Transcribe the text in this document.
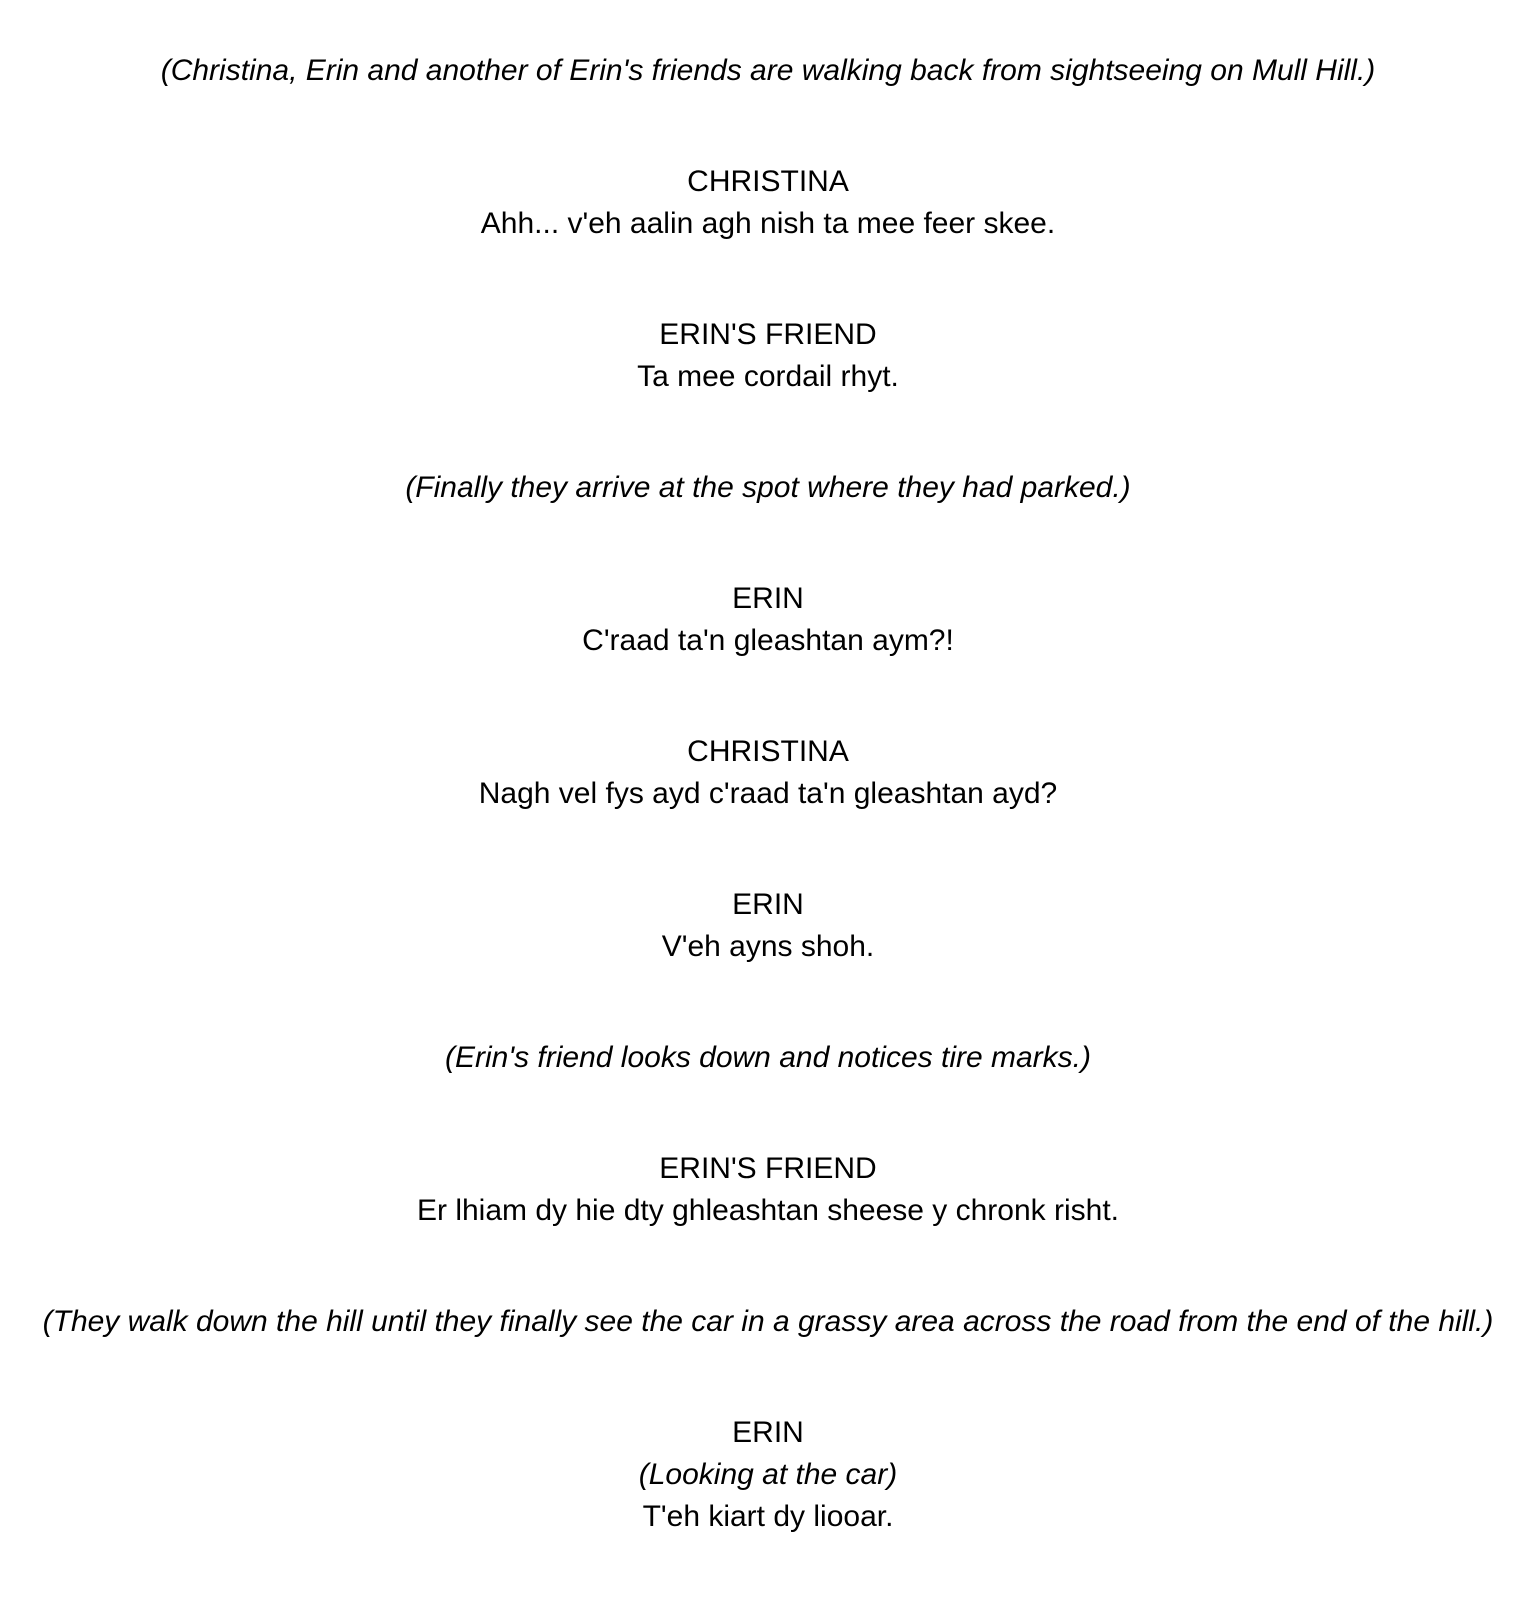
(Christina, Erin and another of Erin's friends are walking back from sightseeing on Mull Hill.)
CHRISTINA
Ahh... v'eh aalin agh nish ta mee feer skee.
ERIN'S FRIEND
Ta mee cordail rhyt.
(Finally they arrive at the spot where they had parked.)
ERIN
C'raad ta'n gleashtan aym?!
CHRISTINA
Nagh vel fys ayd c'raad ta'n gleashtan ayd?
ERIN
V'eh ayns shoh.
(Erin's friend looks down and notices tire marks.)
ERIN'S FRIEND
Er lhiam dy hie dty ghleashtan sheese y chronk risht.
(They walk down the hill until they finally see the car in a grassy area across the road from the end of the hill.)
ERIN
(Looking at the car)
T'eh kiart dy liooar.
